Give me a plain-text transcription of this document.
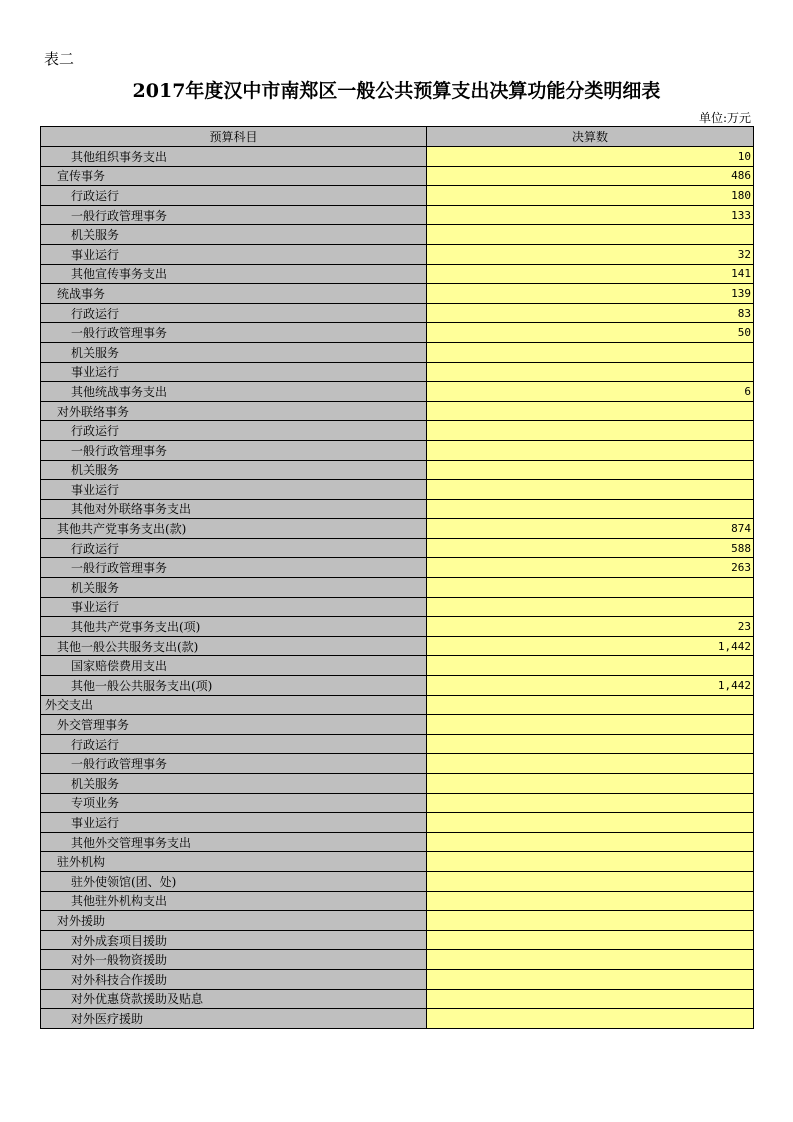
表二
2017年度汉中市南郑区一般公共预算支出决算功能分类明细表
单位:万元
预算科目	决算数
其他组织事务支出	10
宣传事务	486
行政运行	180
一般行政管理事务	133
机关服务	
事业运行	32
其他宣传事务支出	141
统战事务	139
行政运行	83
一般行政管理事务	50
机关服务	
事业运行	
其他统战事务支出	6
对外联络事务	
行政运行	
一般行政管理事务	
机关服务	
事业运行	
其他对外联络事务支出	
其他共产党事务支出(款)	874
行政运行	588
一般行政管理事务	263
机关服务	
事业运行	
其他共产党事务支出(项)	23
其他一般公共服务支出(款)	1,442
国家赔偿费用支出	
其他一般公共服务支出(项)	1,442
外交支出	
外交管理事务	
行政运行	
一般行政管理事务	
机关服务	
专项业务	
事业运行	
其他外交管理事务支出	
驻外机构	
驻外使领馆(团、处)	
其他驻外机构支出	
对外援助	
对外成套项目援助	
对外一般物资援助	
对外科技合作援助	
对外优惠贷款援助及贴息	
对外医疗援助	
